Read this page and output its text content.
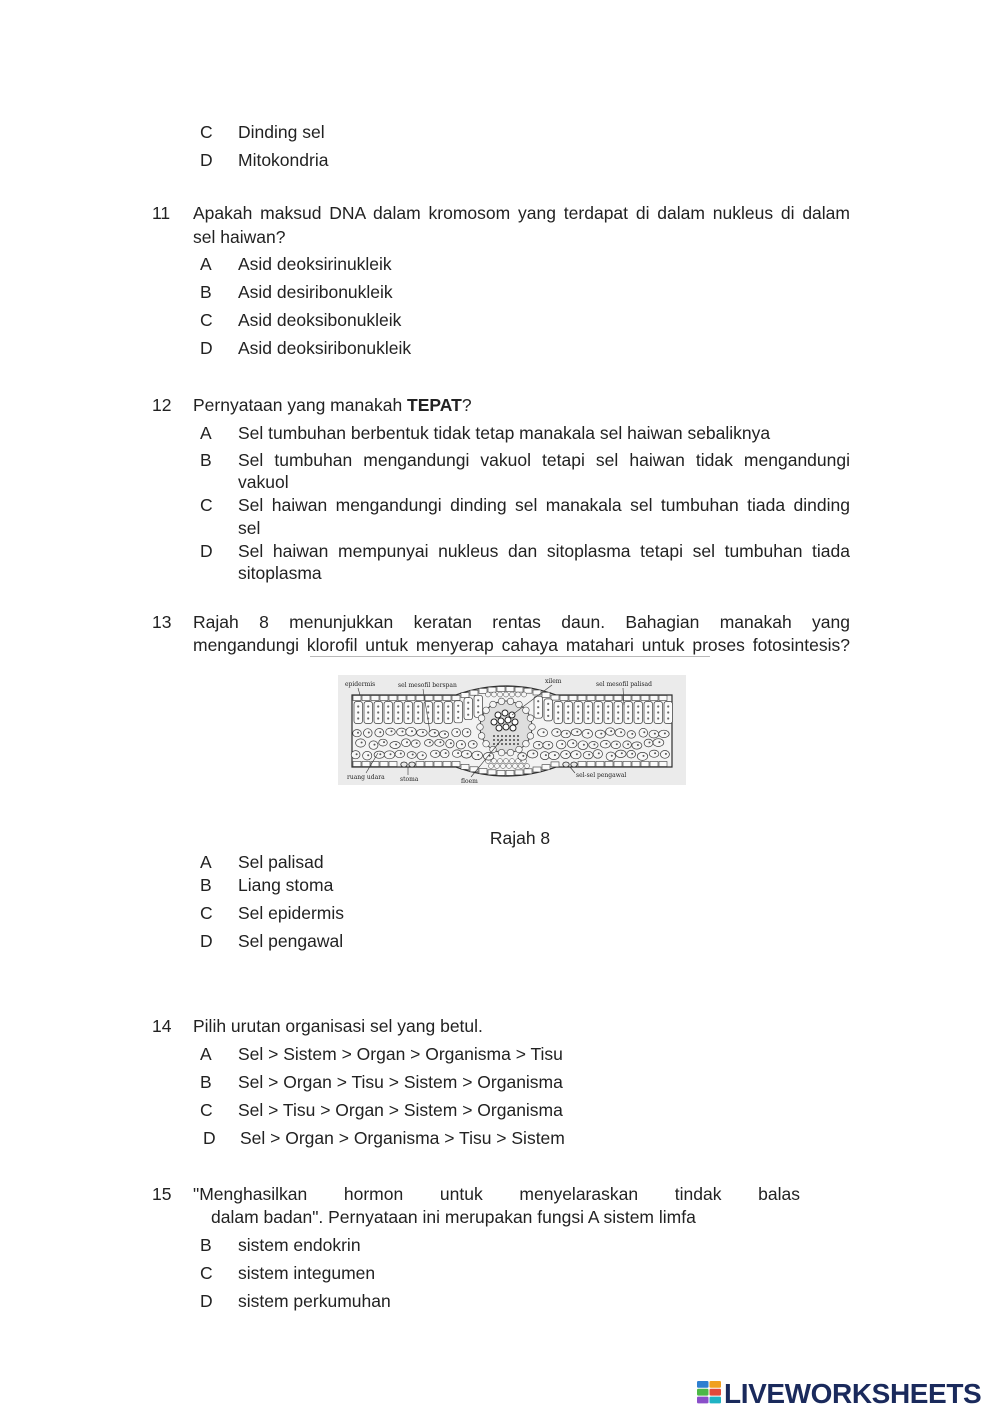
C Dinding sel
D Mitokondria
11 Apakah maksud DNA dalam kromosom yang terdapat di dalam nukleus di dalam
sel haiwan?
A Asid deoksirinukleik
B Asid desiribonukleik
C Asid deoksibonukleik
D Asid deoksiribonukleik
12 Pernyataan yang manakah TEPAT?
A Sel tumbuhan berbentuk tidak tetap manakala sel haiwan sebaliknya
B Sel tumbuhan mengandungi vakuol tetapi sel haiwan tidak mengandungi
vakuol
C Sel haiwan mengandungi dinding sel manakala sel tumbuhan tiada dinding
sel
D Sel haiwan mempunyai nukleus dan sitoplasma tetapi sel tumbuhan tiada
sitoplasma
13 Rajah 8 menunjukkan keratan rentas daun. Bahagian manakah yang
mengandungi klorofil untuk menyerap cahaya matahari untuk proses fotosintesis?
epidermis	sel mesofil berspan
xilem	sel mesofil palisad
ruang udara	stoma	floem
sel-sel pengawal
Rajah 8
A Sel palisad
B Liang stoma
C Sel epidermis
D Sel pengawal
14 Pilih urutan organisasi sel yang betul.
A Sel > Sistem > Organ > Organisma > Tisu
B Sel > Organ > Tisu > Sistem > Organisma
C Sel > Tisu > Organ > Sistem > Organisma
D Sel > Organ > Organisma > Tisu > Sistem
15 "Menghasilkan hormon untuk menyelaraskan tindak balas
dalam badan". Pernyataan ini merupakan fungsi A sistem limfa
B sistem endokrin
C sistem integumen
D sistem perkumuhan
LIVEWORKSHEETS
